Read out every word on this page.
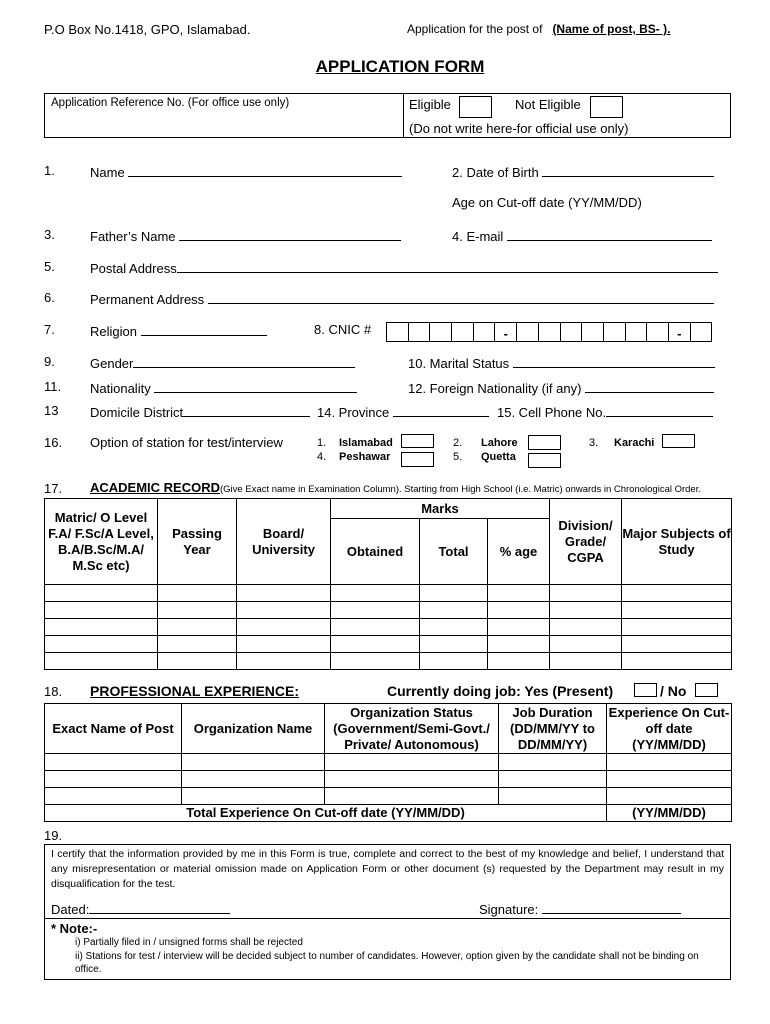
P.O Box No.1418, GPO, Islamabad.	Application for the post of (Name of post, BS- ).
APPLICATION FORM
Application Reference No. (For office use only)	Eligible	Not Eligible
(Do not write here-for official use only)
1.	Name	2. Date of Birth
Age on Cut-off date (YY/MM/DD)
3.	Father’s Name	4. E-mail
5.	Postal Address
6.	Permanent Address
7.	Religion	8. CNIC #	-	-
9.	Gender	10. Marital Status
11. Nationality	12. Foreign Nationality (if any)
13 Domicile District	14. Province	15. Cell Phone No.
16. Option of station for test/interview	1. Islamabad	2. Lahore	3. Karachi
4. Peshawar	5. Quetta
17. ACADEMIC RECORD(Give Exact name in Examination Column). Starting from High School (i.e. Matric) onwards in Chronological Order.
Matric/ O Level F.A/ F.Sc/A Level, B.A/B.Sc/M.A/ M.Sc etc)	Passing Year	Board/ University	Marks			Division/ Grade/ CGPA	Major Subjects of Study
			Obtained	Total	% age		

18. PROFESSIONAL EXPERIENCE:	Currently doing job: Yes (Present)	/ No
Exact Name of Post	Organization Name	Organization Status (Government/Semi-Govt./ Private/ Autonomous)	Job Duration (DD/MM/YY to DD/MM/YY)	Experience On Cut-off date (YY/MM/DD)

Total Experience On Cut-off date (YY/MM/DD)				(YY/MM/DD)
19.
I certify that the information provided by me in this Form is true, complete and correct to the best of my knowledge and belief, I understand that any misrepresentation or material omission made on Application Form or other document (s) requested by the Department may result in my disqualification for the test.
Dated:	Signature:
* Note:-
i) Partially filed in / unsigned forms shall be rejected
ii) Stations for test / interview will be decided subject to number of candidates. However, option given by the candidate shall not be binding on office.
